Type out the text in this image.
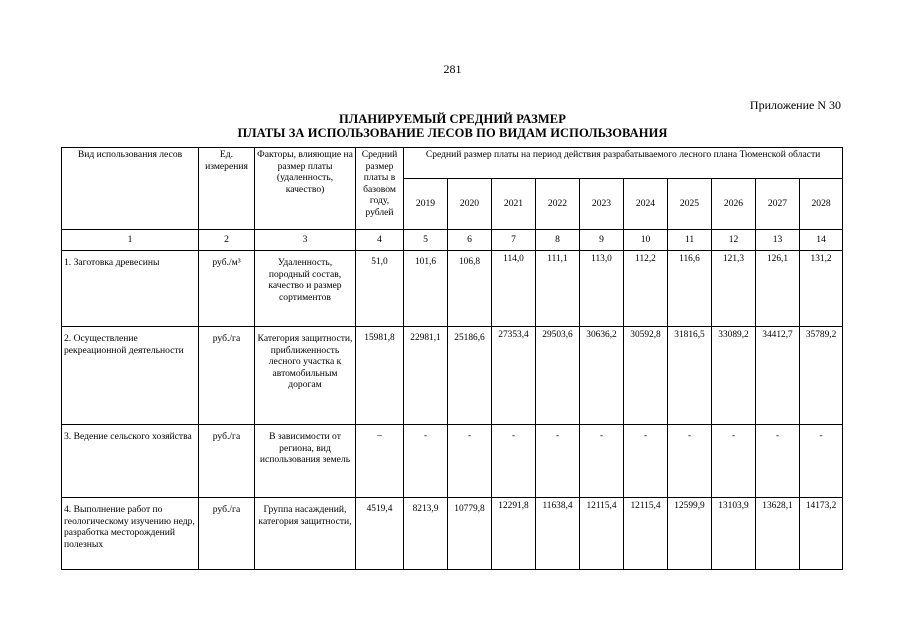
281
Приложение N 30
ПЛАНИРУЕМЫЙ СРЕДНИЙ РАЗМЕР
ПЛАТЫ ЗА ИСПОЛЬЗОВАНИЕ ЛЕСОВ ПО ВИДАМ ИСПОЛЬЗОВАНИЯ
Вид использования лесов	Ед. измерения	Факторы, влияющие на размер платы (удаленность, качество)	Средний размер платы в базовом году, рублей	Средний размер платы на период действия разрабатываемого лесного плана Тюменской области									
				2019	2020	2021	2022	2023	2024	2025	2026	2027	2028
1	2	3	4	5	6	7	8	9	10	11	12	13	14
1. Заготовка древесины	руб./м³	Удаленность, породный состав, качество и размер сортиментов	51,0	101,6	106,8	114,0	111,1	113,0	112,2	116,6	121,3	126,1	131,2
2. Осуществление рекреационной деятельности	руб./га	Категория защитности, приближенность лесного участка к автомобильным дорогам	15981,8	22981,1	25186,6	27353,4	29503,6	30636,2	30592,8	31816,5	33089,2	34412,7	35789,2
3. Ведение сельского хозяйства	руб./га	В зависимости от региона, вид использования земель	–	-	-	-	-	-	-	-	-	-	-
4. Выполнение работ по геологическому изучению недр, разработка месторождений полезных	руб./га	Группа насаждений, категория защитности,	4519,4	8213,9	10779,8	12291,8	11638,4	12115,4	12115,4	12599,9	13103,9	13628,1	14173,2
